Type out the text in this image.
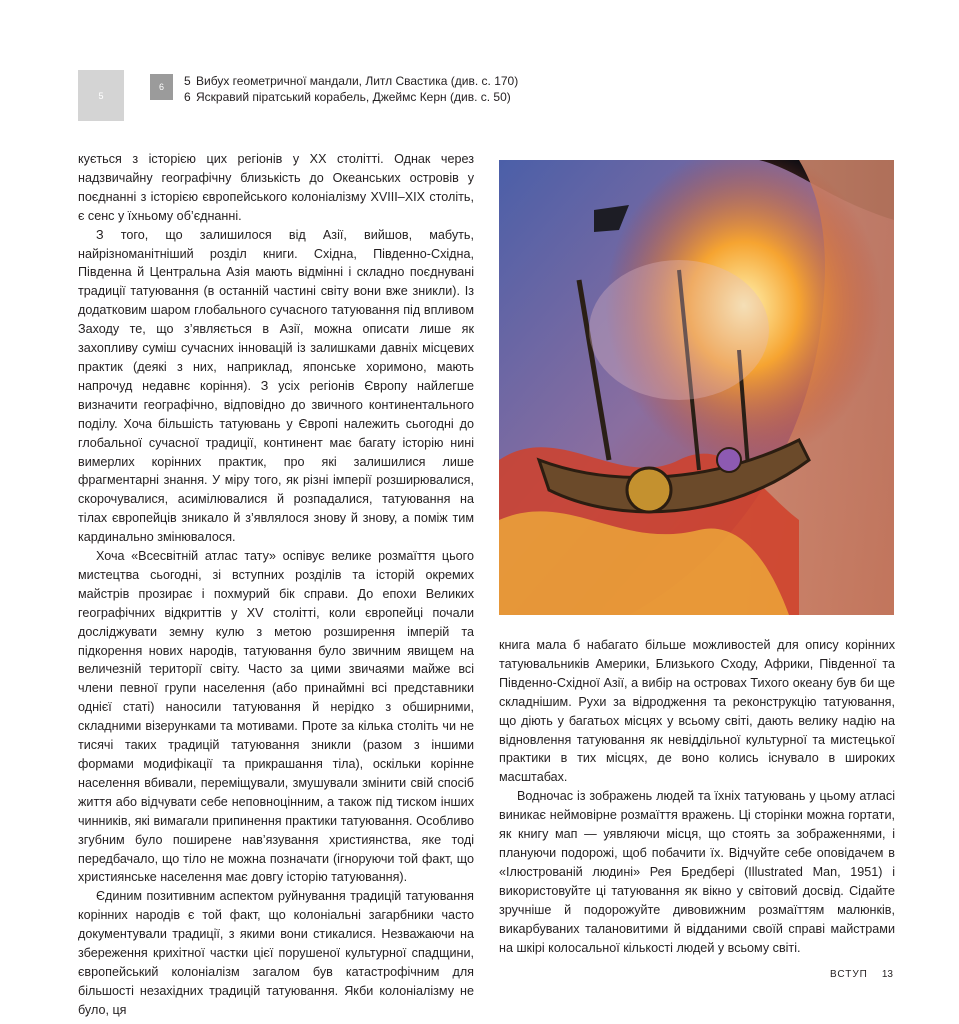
5
6 5 Вибух геометричної мандали, Литл Свастика (див. с. 170)
6 Яскравий піратський корабель, Джеймс Керн (див. с. 50)

кується з історією цих регіонів у XX столітті. Однак через надзвичайну географічну близькість до Океанських островів у поєднанні з історією європейського колоніалізму XVIII–XIX століть, є сенс у їхньому об’єднанні.

З того, що залишилося від Азії, вийшов, мабуть, найрізноманітніший розділ книги. Східна, Південно-Східна, Південна й Центральна Азія мають відмінні і складно поєднувані традиції татуювання (в останній частині світу вони вже зникли). Із додатковим шаром глобального сучасного татуювання під впливом Заходу те, що з’являється в Азії, можна описати лише як захопливу суміш сучасних інновацій із залишками давніх місцевих практик (деякі з них, наприклад, японське хоримоно, мають напрочуд недавнє коріння). З усіх регіонів Європу найлегше визначити географічно, відповідно до звичного континентального поділу. Хоча більшість татуювань у Європі належить сьогодні до глобальної сучасної традиції, континент має багату історію нині вимерлих корінних практик, про які залишилися лише фрагментарні знання. У міру того, як різні імперії розширювалися, скорочувалися, асимілювалися й розпадалися, татуювання на тілах європейців зникало й з’являлося знову й знову, а поміж тим кардинально змінювалося.

Хоча «Всесвітній атлас тату» оспівує велике розмаїття цього мистецтва сьогодні, зі вступних розділів та історій окремих майстрів прозирає і похмурий бік справи. До епохи Великих географічних відкриттів у XV столітті, коли європейці почали досліджувати земну кулю з метою розширення імперій та підкорення нових народів, татуювання було звичним явищем на величезній території світу. Часто за цими звичаями майже всі члени певної групи населення (або принаймні всі представники однієї статі) наносили татуювання й нерідко з обширними, складними візерунками та мотивами. Проте за кілька століть чи не тисячі таких традицій татуювання зникли (разом з іншими формами модифікації та прикрашання тіла), оскільки корінне населення вбивали, переміщували, змушували змінити свій спосіб життя або відчувати себе неповноцінним, а також під тиском інших чинників, які вимагали припинення практики татуювання. Особливо згубним було поширене нав’язування християнства, яке тоді передбачало, що тіло не можна позначати (ігноруючи той факт, що християнське населення має довгу історію татуювання).

Єдиним позитивним аспектом руйнування традицій татуювання корінних народів є той факт, що колоніальні загарбники часто документували традиції, з якими вони стикалися. Незважаючи на збереження крихітної частки цієї порушеної культурної спадщини, європейський колоніалізм загалом був катастрофічним для більшості незахідних традицій татуювання. Якби колоніалізму не було, ця

книга мала б набагато більше можливостей для опису корінних татуювальників Америки, Близького Сходу, Африки, Південної та Південно-Східної Азії, а вибір на островах Тихого океану був би ще складнішим. Рухи за відродження та реконструкцію татуювання, що діють у багатьох місцях у всьому світі, дають велику надію на відновлення татуювання як невіддільної культурної та мистецької практики в тих місцях, де воно колись існувало в широких масштабах.

Водночас із зображень людей та їхніх татуювань у цьому атласі виникає неймовірне розмаїття вражень. Ці сторінки можна гортати, як книгу мап — уявляючи місця, що стоять за зображеннями, і плануючи подорожі, щоб побачити їх. Відчуйте себе оповідачем в «Ілюстрованій людині» Рея Бредбері (Illustrated Man, 1951) і використовуйте ці татуювання як вікно у світовий досвід. Сідайте зручніше й подорожуйте дивовижним розмаїттям малюнків, викарбуваних талановитими й відданими своїй справі майстрами на шкірі колосальної кількості людей у всьому світі.

ВСТУП 13
